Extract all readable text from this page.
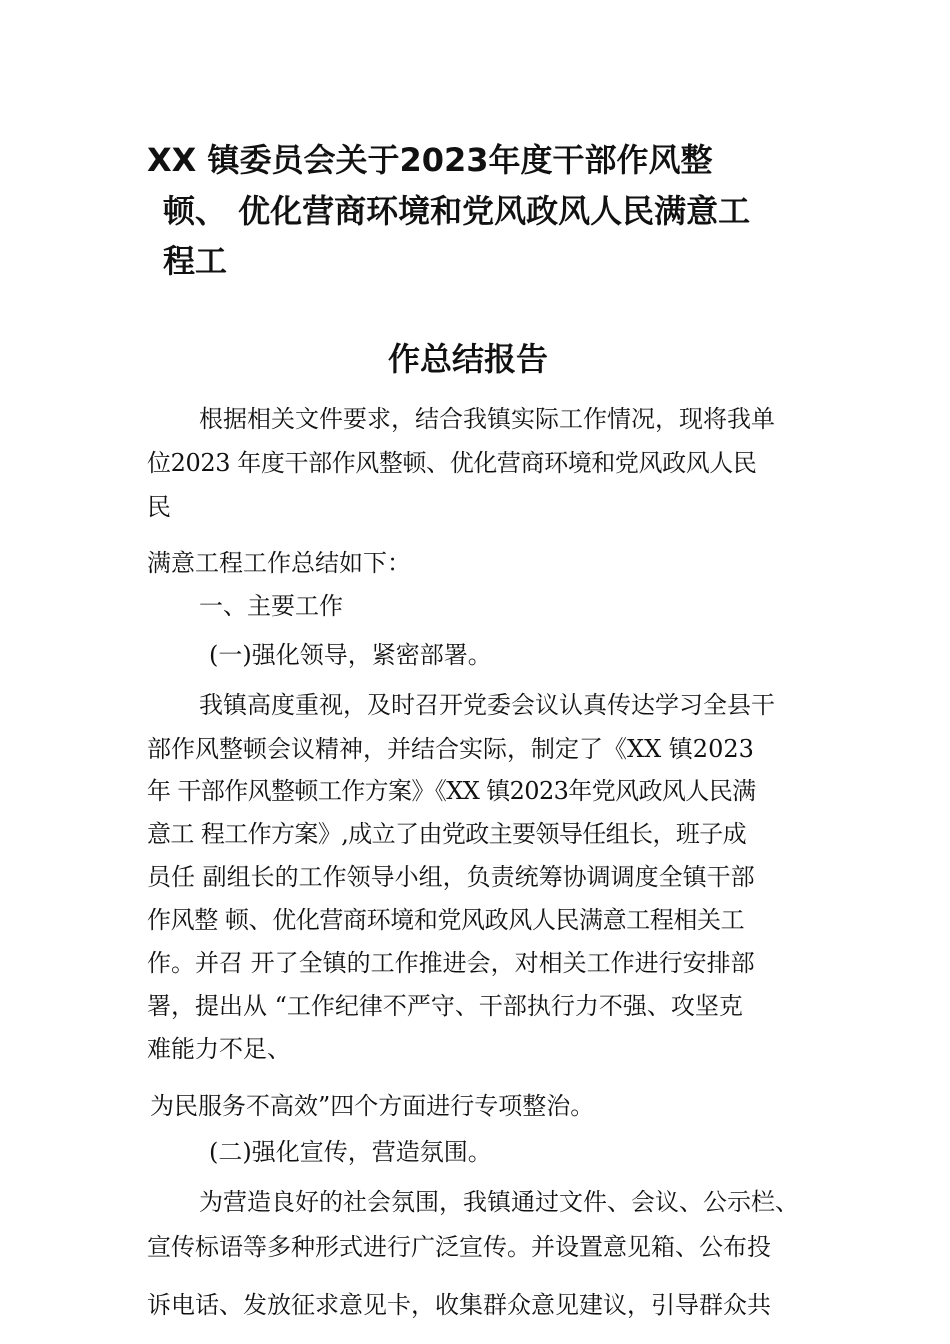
XX 镇委员会关于2023年度干部作风整
顿、 优化营商环境和党风政风人民满意工
程工
作总结报告

根据相关文件要求，结合我镇实际工作情况，现将我单

位2023 年度干部作风整顿、优化营商环境和党风政风人民

民

满意工程工作总结如下：

一、主要工作

(一)强化领导，紧密部署。

我镇高度重视，及时召开党委会议认真传达学习全县干

部作风整顿会议精神，并结合实际，制定了《XX 镇2023

年 干部作风整顿工作方案》《XX 镇2023年党风政风人民满

意工 程工作方案》,成立了由党政主要领导任组长，班子成

员任 副组长的工作领导小组，负责统筹协调调度全镇干部

作风整 顿、优化营商环境和党风政风人民满意工程相关工

作。并召 开了全镇的工作推进会，对相关工作进行安排部

署，提出从 “工作纪律不严守、干部执行力不强、攻坚克

难能力不足、

为民服务不高效”四个方面进行专项整治。

(二)强化宣传，营造氛围。

为营造良好的社会氛围，我镇通过文件、会议、公示栏、

宣传标语等多种形式进行广泛宣传。并设置意见箱、公布投

诉电话、发放征求意见卡，收集群众意见建议，引导群众共
